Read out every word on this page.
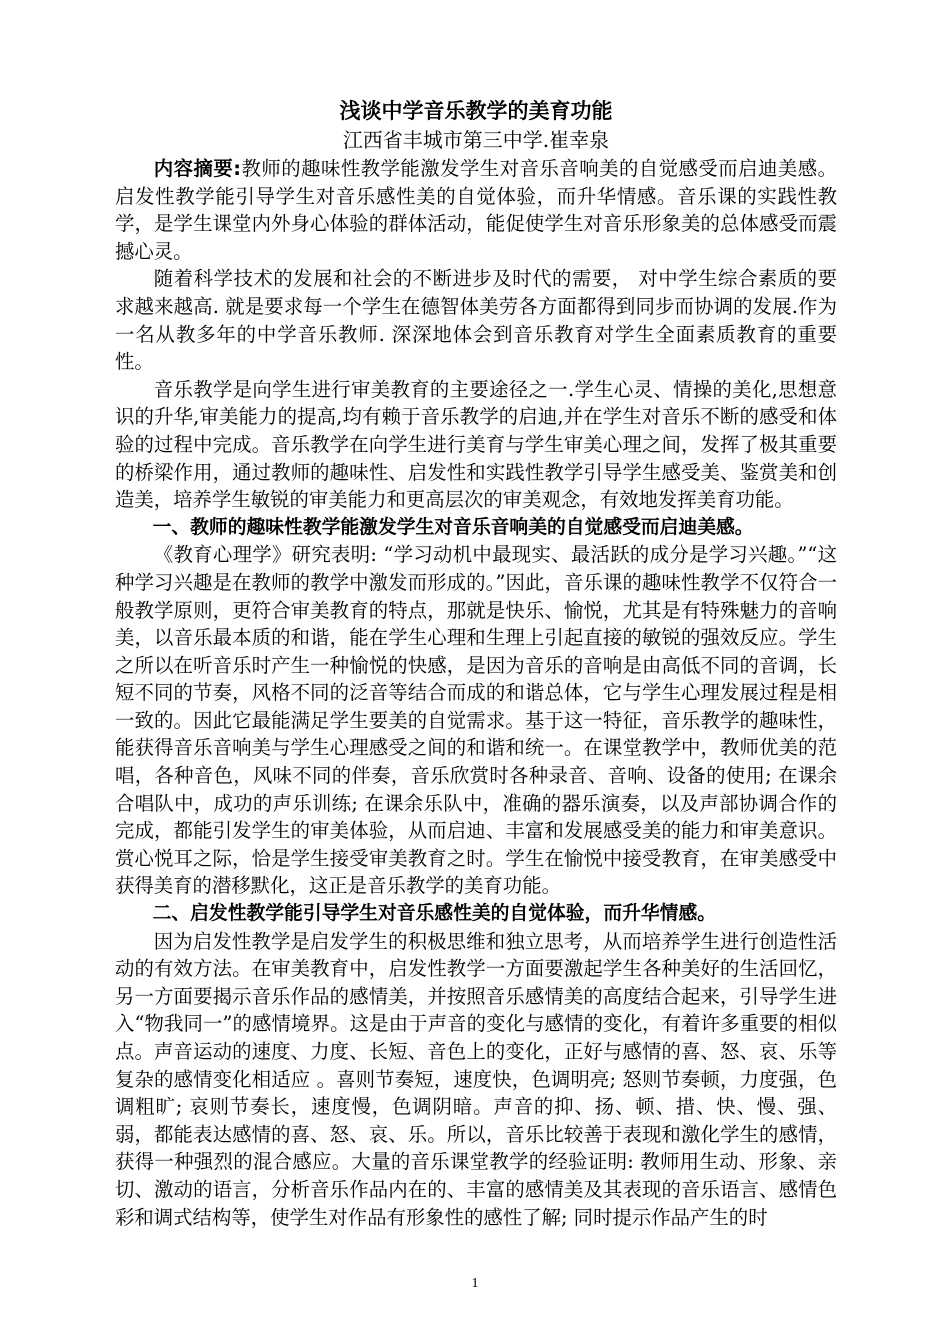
浅谈中学音乐教学的美育功能
江西省丰城市第三中学.崔幸泉

内容摘要:教师的趣味性教学能激发学生对音乐音响美的自觉感受而启迪美感。启发性教学能引导学生对音乐感性美的自觉体验，而升华情感。音乐课的实践性教学，是学生课堂内外身心体验的群体活动，能促使学生对音乐形象美的总体感受而震撼心灵。

随着科学技术的发展和社会的不断进步及时代的需要， 对中学生综合素质的要求越来越高. 就是要求每一个学生在德智体美劳各方面都得到同步而协调的发展.作为一名从教多年的中学音乐教师. 深深地体会到音乐教育对学生全面素质教育的重要性。

音乐教学是向学生进行审美教育的主要途径之一.学生心灵、情操的美化,思想意识的升华,审美能力的提高,均有赖于音乐教学的启迪,并在学生对音乐不断的感受和体验的过程中完成。音乐教学在向学生进行美育与学生审美心理之间，发挥了极其重要的桥梁作用，通过教师的趣味性、启发性和实践性教学引导学生感受美、鉴赏美和创造美，培养学生敏锐的审美能力和更高层次的审美观念，有效地发挥美育功能。

一、教师的趣味性教学能激发学生对音乐音响美的自觉感受而启迪美感。

《教育心理学》研究表明: “学习动机中最现实、最活跃的成分是学习兴趣。”“这种学习兴趣是在教师的教学中激发而形成的。”因此，音乐课的趣味性教学不仅符合一般教学原则，更符合审美教育的特点，那就是快乐、愉悦，尤其是有特殊魅力的音响美，以音乐最本质的和谐，能在学生心理和生理上引起直接的敏锐的强效反应。学生之所以在听音乐时产生一种愉悦的快感，是因为音乐的音响是由高低不同的音调，长短不同的节奏，风格不同的泛音等结合而成的和谐总体，它与学生心理发展过程是相一致的。因此它最能满足学生要美的自觉需求。基于这一特征，音乐教学的趣味性，能获得音乐音响美与学生心理感受之间的和谐和统一。在课堂教学中，教师优美的范唱，各种音色，风味不同的伴奏，音乐欣赏时各种录音、音响、设备的使用; 在课余合唱队中，成功的声乐训练; 在课余乐队中，准确的器乐演奏，以及声部协调合作的完成，都能引发学生的审美体验，从而启迪、丰富和发展感受美的能力和审美意识。赏心悦耳之际，恰是学生接受审美教育之时。学生在愉悦中接受教育，在审美感受中获得美育的潜移默化，这正是音乐教学的美育功能。

二、启发性教学能引导学生对音乐感性美的自觉体验，而升华情感。

因为启发性教学是启发学生的积极思维和独立思考，从而培养学生进行创造性活动的有效方法。在审美教育中，启发性教学一方面要激起学生各种美好的生活回忆，另一方面要揭示音乐作品的感情美，并按照音乐感情美的高度结合起来，引导学生进入“物我同一”的感情境界。这是由于声音的变化与感情的变化，有着许多重要的相似点。声音运动的速度、力度、长短、音色上的变化，正好与感情的喜、怒、哀、乐等复杂的感情变化相适应 。喜则节奏短，速度快，色调明亮; 怒则节奏顿，力度强，色调粗旷; 哀则节奏长，速度慢，色调阴暗。声音的抑、扬、顿、措、快、慢、强、弱，都能表达感情的喜、怒、哀、乐。所以，音乐比较善于表现和激化学生的感情，获得一种强烈的混合感应。大量的音乐课堂教学的经验证明: 教师用生动、形象、亲切、激动的语言，分析音乐作品内在的、丰富的感情美及其表现的音乐语言、感情色彩和调式结构等，使学生对作品有形象性的感性了解; 同时提示作品产生的时

1
